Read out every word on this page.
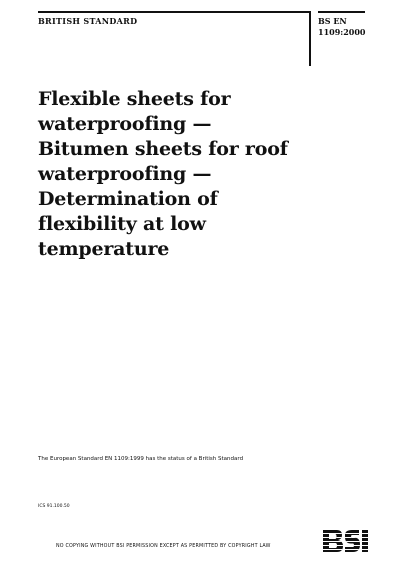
BRITISH STANDARD	BS EN
1109:2000
Flexible sheets for
waterproofing —
Bitumen sheets for roof
waterproofing —
Determination of
flexibility at low
temperature
The European Standard EN 1109:1999 has the status of a British Standard
ICS 91.100.50
NO COPYING WITHOUT BSI PERMISSION EXCEPT AS PERMITTED BY COPYRIGHT LAW
